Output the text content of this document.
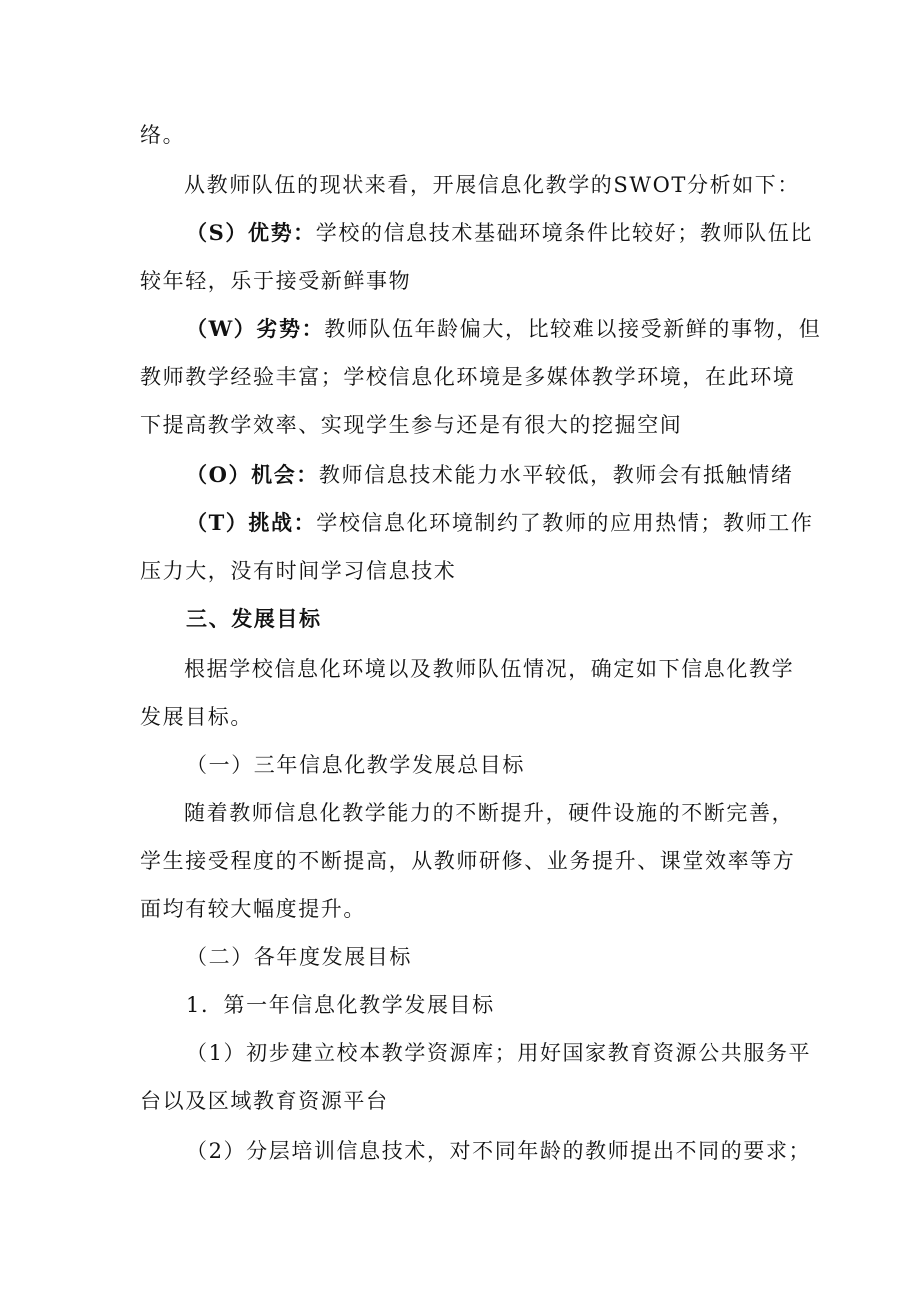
络。
从教师队伍的现状来看，开展信息化教学的SWOT分析如下：
（S）优势：学校的信息技术基础环境条件比较好；教师队伍比
较年轻，乐于接受新鲜事物
（W）劣势：教师队伍年龄偏大，比较难以接受新鲜的事物，但
教师教学经验丰富；学校信息化环境是多媒体教学环境，在此环境
下提高教学效率、实现学生参与还是有很大的挖掘空间
（O）机会：教师信息技术能力水平较低，教师会有抵触情绪
（T）挑战：学校信息化环境制约了教师的应用热情；教师工作
压力大，没有时间学习信息技术
三、发展目标
根据学校信息化环境以及教师队伍情况，确定如下信息化教学
发展目标。
（一）三年信息化教学发展总目标
随着教师信息化教学能力的不断提升，硬件设施的不断完善，
学生接受程度的不断提高，从教师研修、业务提升、课堂效率等方
面均有较大幅度提升。
（二）各年度发展目标
1．第一年信息化教学发展目标
（1）初步建立校本教学资源库；用好国家教育资源公共服务平
台以及区域教育资源平台
（2）分层培训信息技术，对不同年龄的教师提出不同的要求；
